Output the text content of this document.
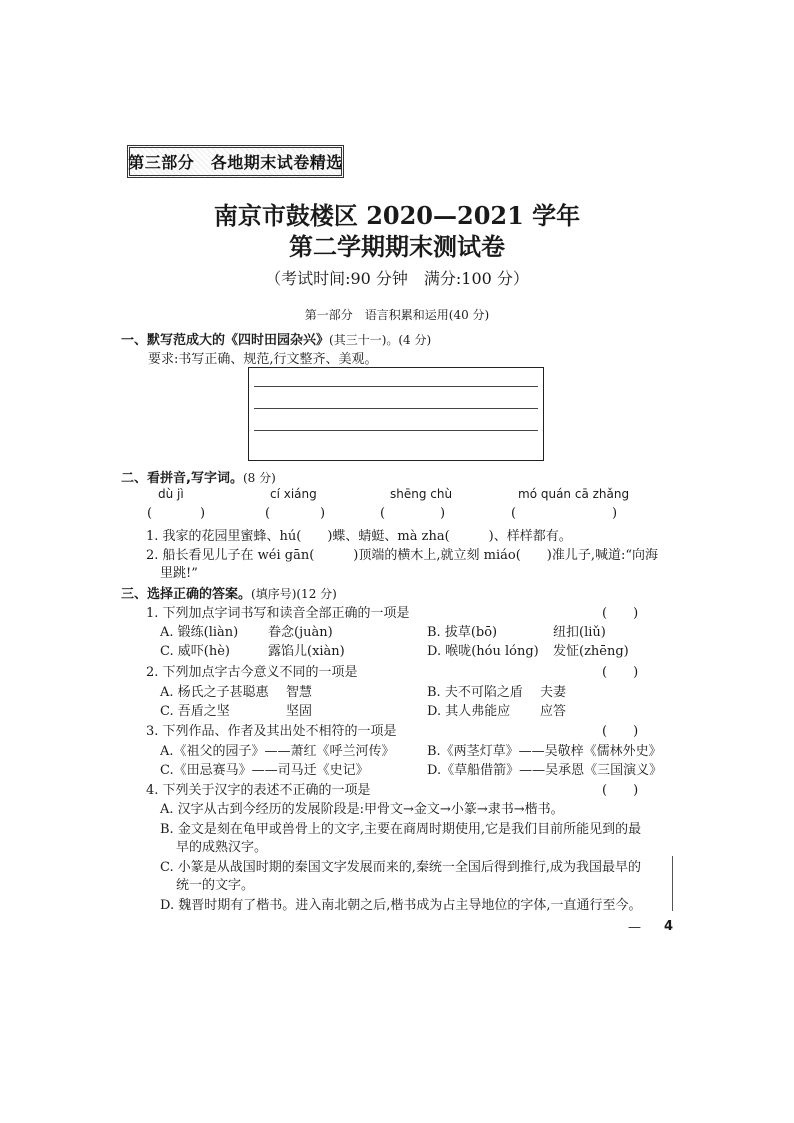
第三部分　各地期末试卷精选
南京市鼓楼区 2020—2021 学年
第二学期期末测试卷
（考试时间:90 分钟　满分:100 分）
第一部分　语言积累和运用(40 分)
一、默写范成大的《四时田园杂兴》(其三十一)。(4 分)
要求:书写正确、规范,行文整齐、美观。
二、看拼音,写字词。(8 分)
dù jì	cí xiáng	shēng chù	mó quán cā zhǎng
(	)	(	)	(	)	(	)
1. 我家的花园里蜜蜂、hú(　　)蝶、蜻蜓、mà zha(　　　)、样样都有。
2. 船长看见儿子在 wéi gān(　　　)顶端的横木上,就立刻 miáo(　　)准儿子,喊道:“向海
里跳!”
三、选择正确的答案。(填序号)(12 分)
1. 下列加点字词书写和读音全部正确的一项是	(　　)
A. 锻练(liàn) 眷念(juàn)	B. 拔草(bō)	纽扣(liǔ)
C. 威吓(hè)	露馅儿(xiàn)	D. 喉咙(hóu lóng) 发怔(zhēng)
2. 下列加点字古今意义不同的一项是	(　　)
A. 杨氏之子甚聪惠 智慧	B. 夫不可陷之盾 夫妻
C. 吾盾之坚	坚固	D. 其人弗能应 应答
3. 下列作品、作者及其出处不相符的一项是	(　　)
A.《祖父的园子》——萧红《呼兰河传》 B.《两茎灯草》——吴敬梓《儒林外史》
C.《田忌赛马》——司马迁《史记》	D.《草船借箭》——吴承恩《三国演义》
4. 下列关于汉字的表述不正确的一项是	(　　)
A. 汉字从古到今经历的发展阶段是:甲骨文→金文→小篆→隶书→楷书。
B. 金文是刻在龟甲或兽骨上的文字,主要在商周时期使用,它是我们目前所能见到的最
早的成熟汉字。
C. 小篆是从战国时期的秦国文字发展而来的,秦统一全国后得到推行,成为我国最早的
统一的文字。
D. 魏晋时期有了楷书。进入南北朝之后,楷书成为占主导地位的字体,一直通行至今。
— 4
